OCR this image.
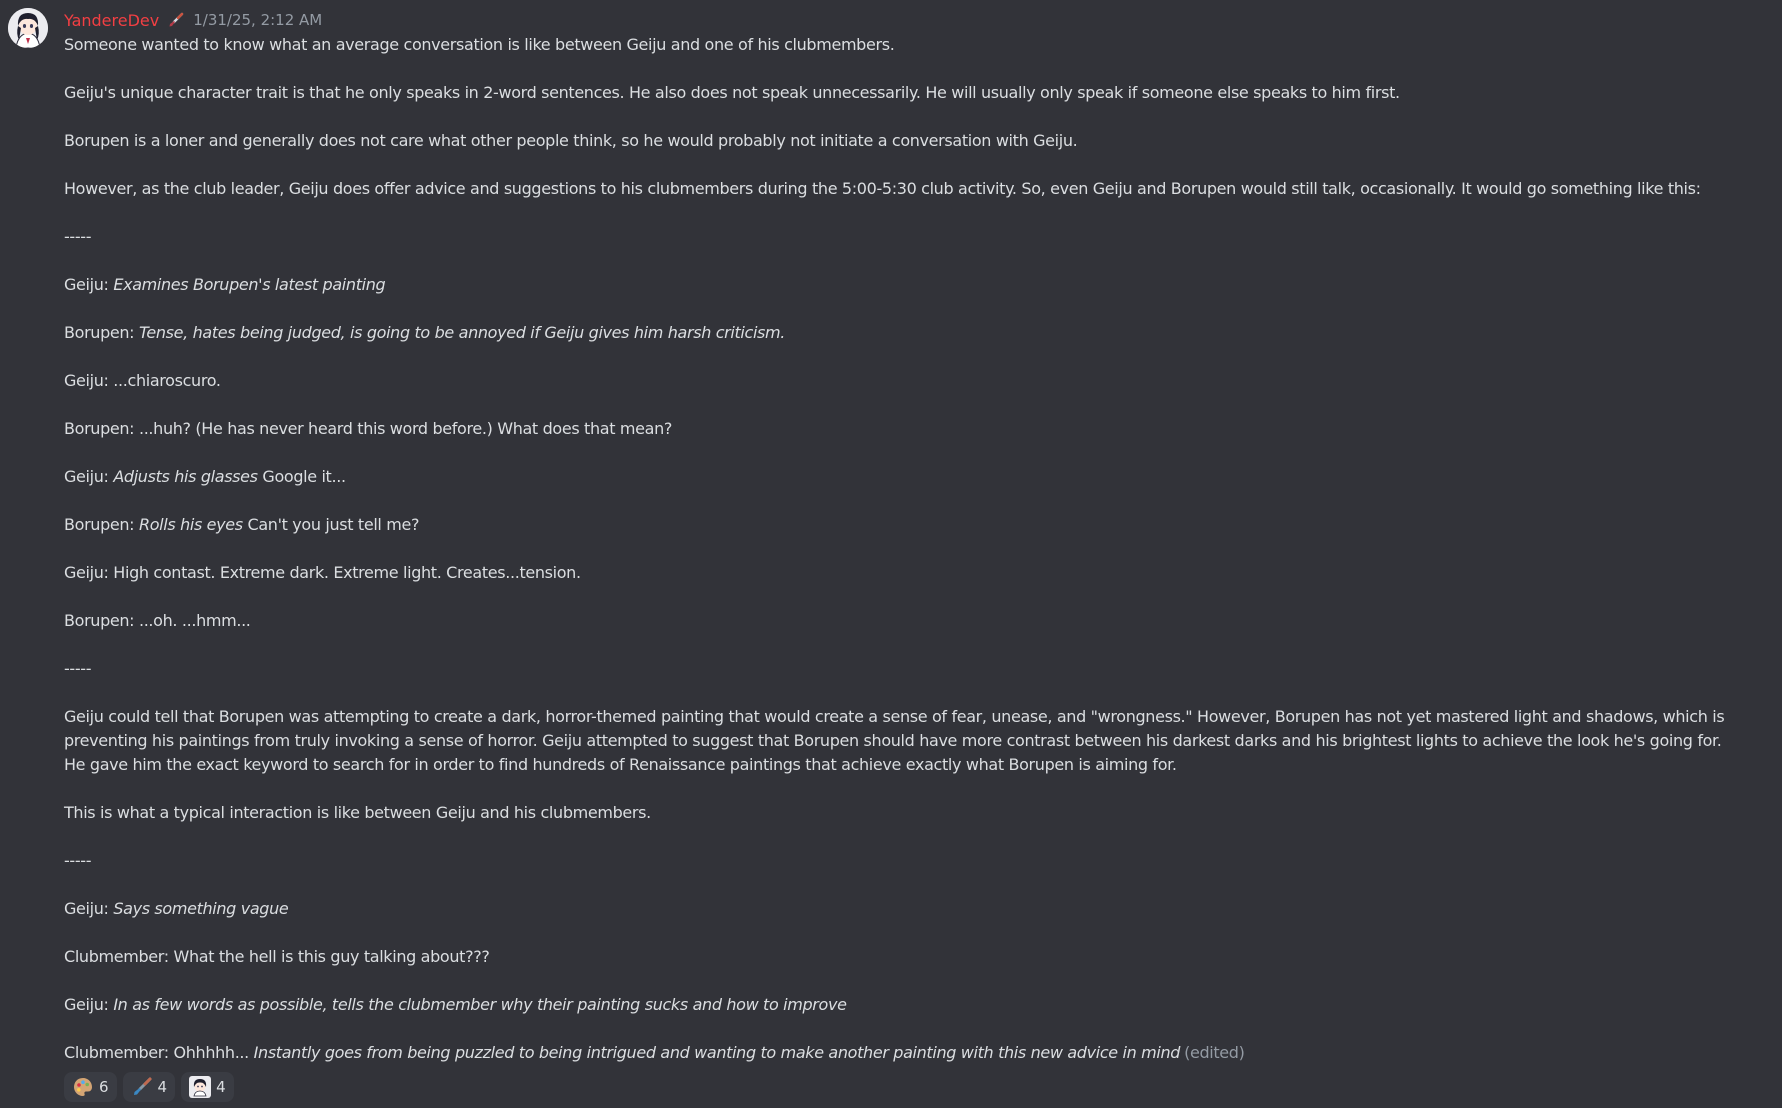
YandereDev 1/31/25, 2:12 AM
Someone wanted to know what an average conversation is like between Geiju and one of his clubmembers.
Geiju's unique character trait is that he only speaks in 2-word sentences. He also does not speak unnecessarily. He will usually only speak if someone else speaks to him first.
Borupen is a loner and generally does not care what other people think, so he would probably not initiate a conversation with Geiju.
However, as the club leader, Geiju does offer advice and suggestions to his clubmembers during the 5:00-5:30 club activity. So, even Geiju and Borupen would still talk, occasionally. It would go something like this:
-----
Geiju: Examines Borupen's latest painting
Borupen: Tense, hates being judged, is going to be annoyed if Geiju gives him harsh criticism.
Geiju: ...chiaroscuro.
Borupen: ...huh? (He has never heard this word before.) What does that mean?
Geiju: Adjusts his glasses Google it...
Borupen: Rolls his eyes Can't you just tell me?
Geiju: High contast. Extreme dark. Extreme light. Creates...tension.
Borupen: ...oh. ...hmm...
-----
Geiju could tell that Borupen was attempting to create a dark, horror-themed painting that would create a sense of fear, unease, and "wrongness." However, Borupen has not yet mastered light and shadows, which is preventing his paintings from truly invoking a sense of horror. Geiju attempted to suggest that Borupen should have more contrast between his darkest darks and his brightest lights to achieve the look he's going for. He gave him the exact keyword to search for in order to find hundreds of Renaissance paintings that achieve exactly what Borupen is aiming for.
This is what a typical interaction is like between Geiju and his clubmembers.
-----
Geiju: Says something vague
Clubmember: What the hell is this guy talking about???
Geiju: In as few words as possible, tells the clubmember why their painting sucks and how to improve
Clubmember: Ohhhhh... Instantly goes from being puzzled to being intrigued and wanting to make another painting with this new advice in mind (edited)
6	4	4
